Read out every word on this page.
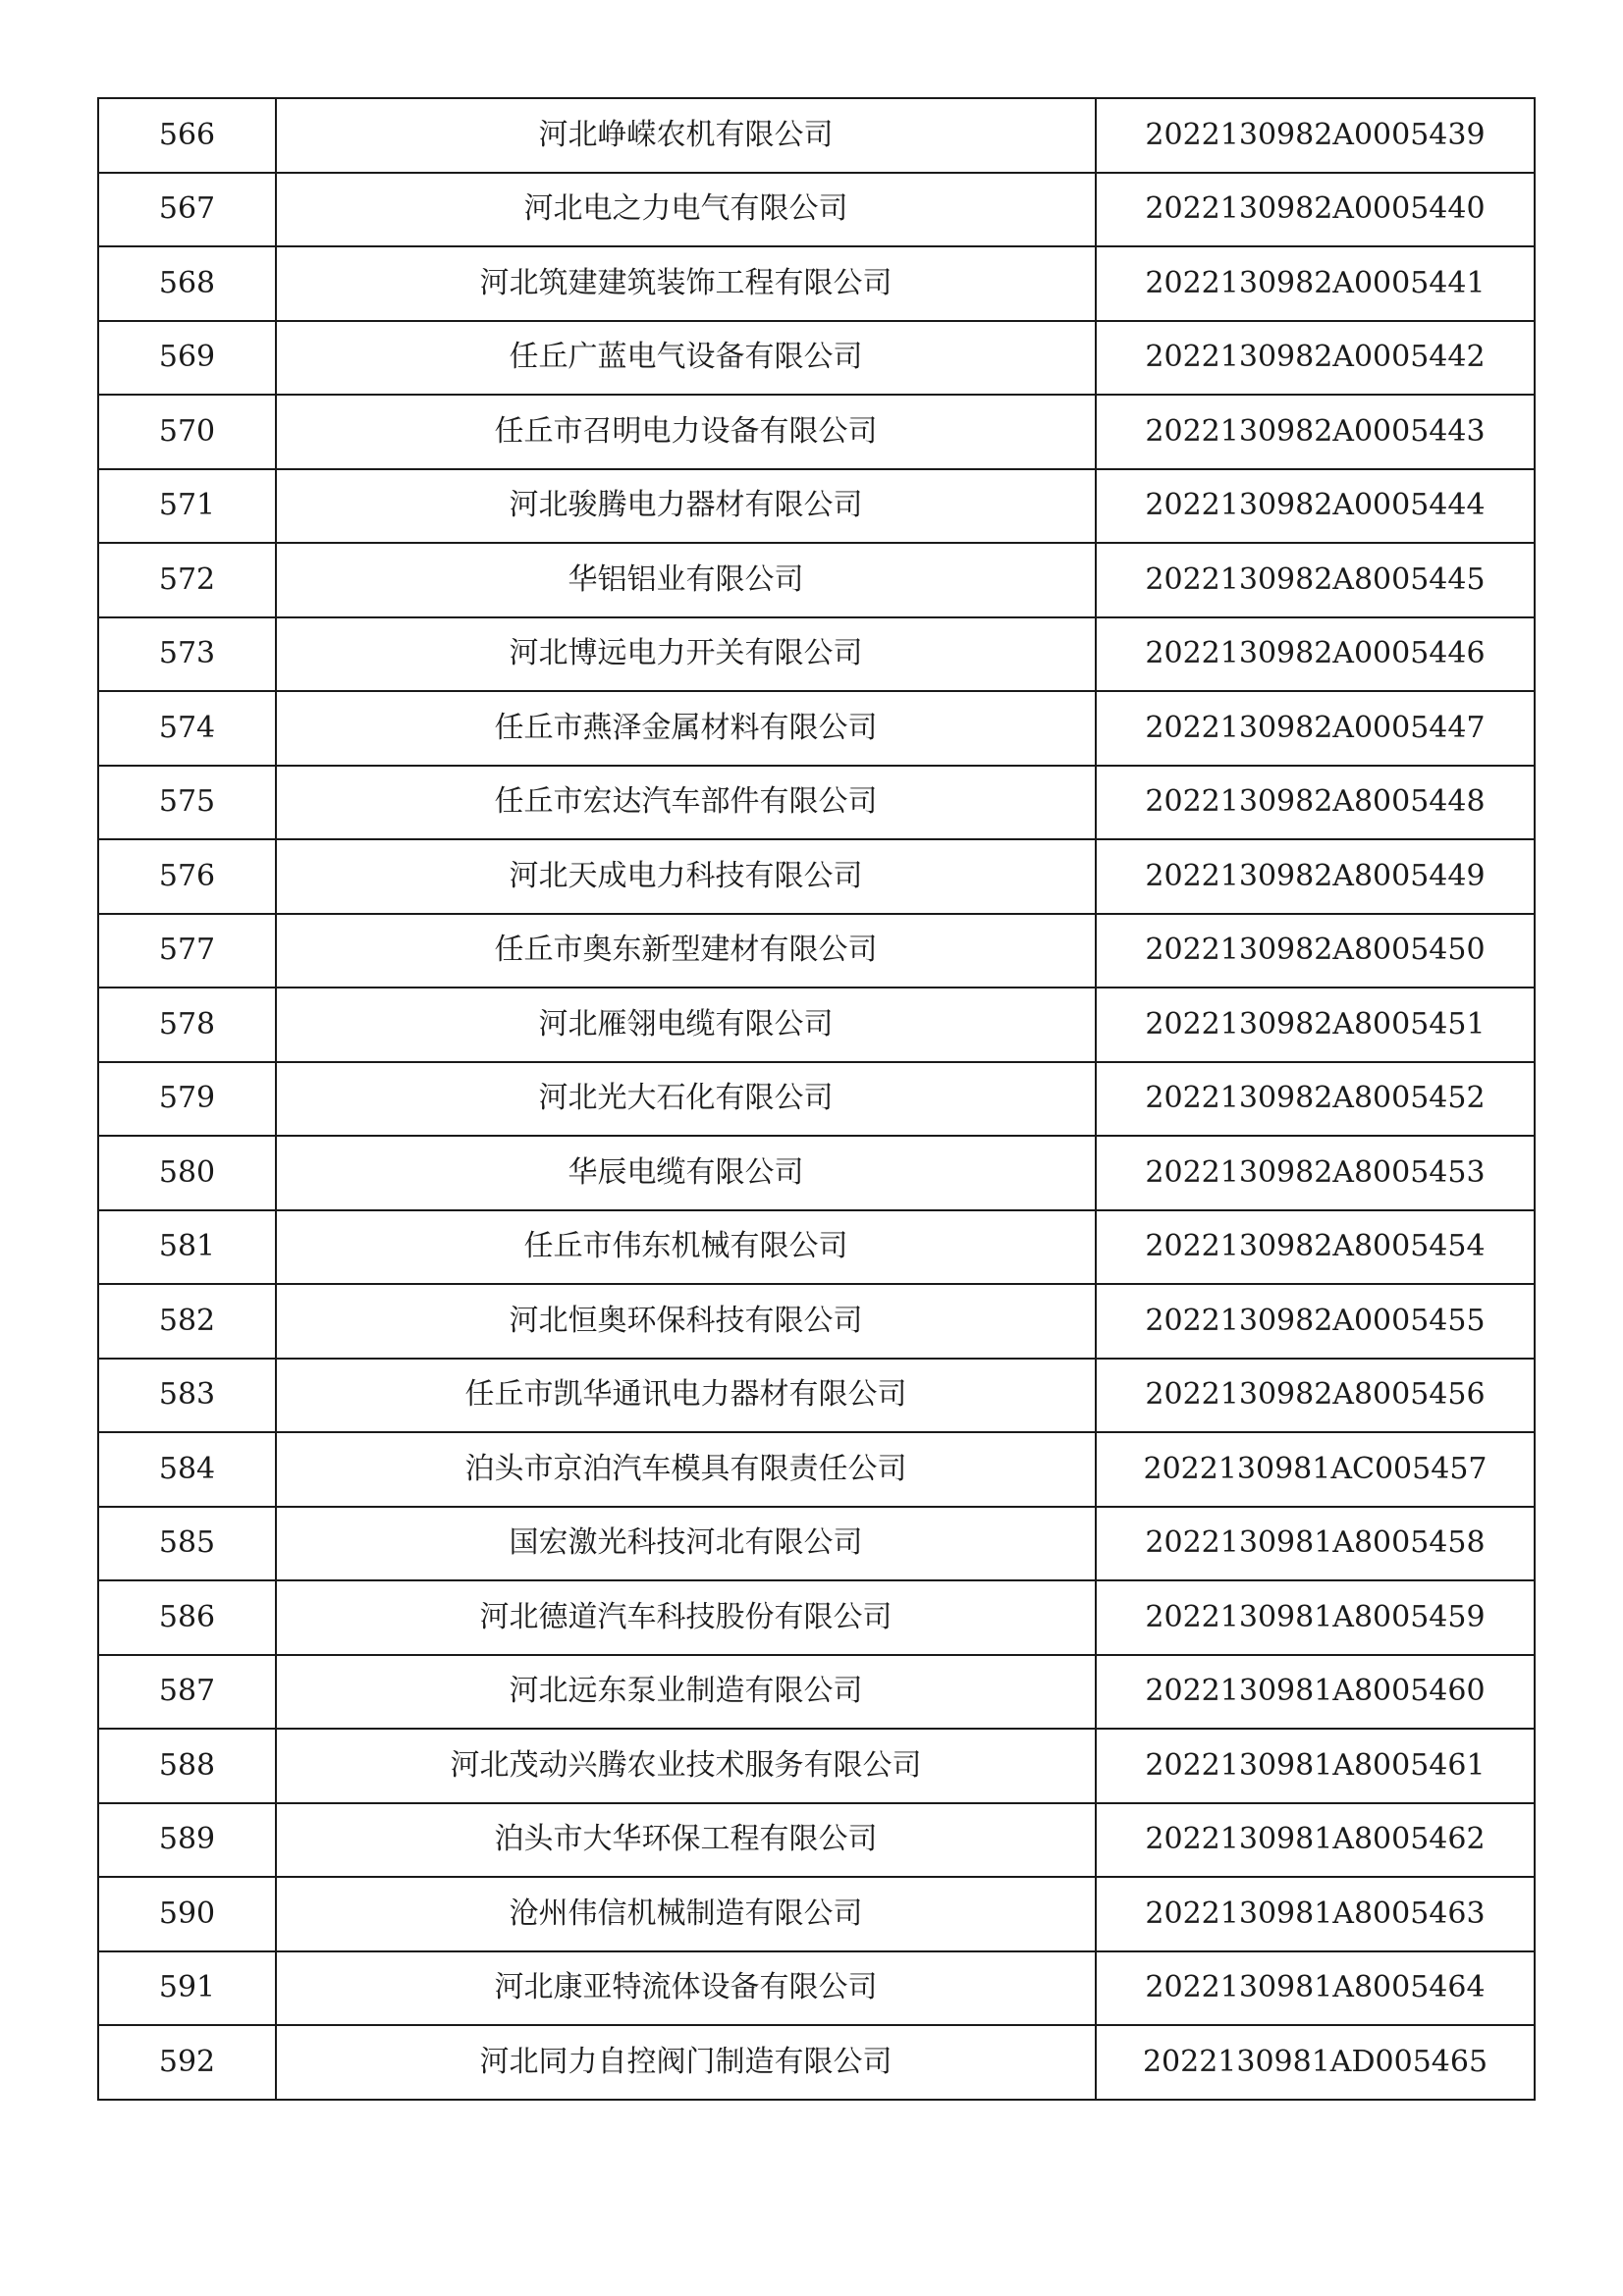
566	河北峥嵘农机有限公司	2022130982A0005439
567	河北电之力电气有限公司	2022130982A0005440
568	河北筑建建筑装饰工程有限公司	2022130982A0005441
569	任丘广蓝电气设备有限公司	2022130982A0005442
570	任丘市召明电力设备有限公司	2022130982A0005443
571	河北骏腾电力器材有限公司	2022130982A0005444
572	华铝铝业有限公司	2022130982A8005445
573	河北博远电力开关有限公司	2022130982A0005446
574	任丘市燕泽金属材料有限公司	2022130982A0005447
575	任丘市宏达汽车部件有限公司	2022130982A8005448
576	河北天成电力科技有限公司	2022130982A8005449
577	任丘市奥东新型建材有限公司	2022130982A8005450
578	河北雁翎电缆有限公司	2022130982A8005451
579	河北光大石化有限公司	2022130982A8005452
580	华辰电缆有限公司	2022130982A8005453
581	任丘市伟东机械有限公司	2022130982A8005454
582	河北恒奥环保科技有限公司	2022130982A0005455
583	任丘市凯华通讯电力器材有限公司	2022130982A8005456
584	泊头市京泊汽车模具有限责任公司	2022130981AC005457
585	国宏激光科技河北有限公司	2022130981A8005458
586	河北德道汽车科技股份有限公司	2022130981A8005459
587	河北远东泵业制造有限公司	2022130981A8005460
588	河北茂动兴腾农业技术服务有限公司	2022130981A8005461
589	泊头市大华环保工程有限公司	2022130981A8005462
590	沧州伟信机械制造有限公司	2022130981A8005463
591	河北康亚特流体设备有限公司	2022130981A8005464
592	河北同力自控阀门制造有限公司	2022130981AD005465
